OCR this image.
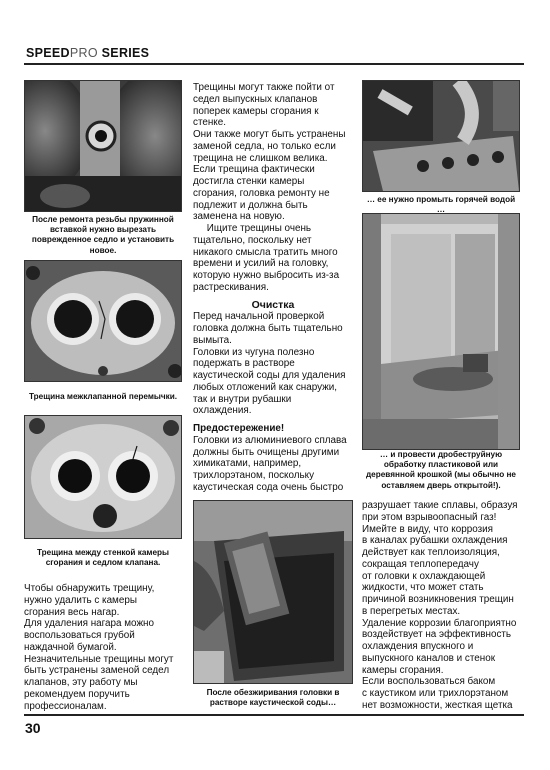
SPEEDPRO SERIES
После ремонта резьбы пружинной
вставкой нужно вырезать
поврежденное седло и установить
новое.
Трещина межклапанной перемычки.
Трещина между стенкой камеры
сгорания и седлом клапана.

Чтобы обнаружить трещину,

нужно удалить с камеры

сгорания весь нагар.

Для удаления нагара можно

воспользоваться грубой

наждачной бумагой.

Незначительные трещины могут

быть устранены заменой седел

клапанов, эту работу мы

рекомендуем поручить

профессионалам.

Трещины могут также пойти от

седел выпускных клапанов

поперек камеры сгорания к

стенке.

Они также могут быть устранены

заменой седла, но только если

трещина не слишком велика.

Если трещина фактически

достигла стенки камеры

сгорания, головка ремонту не

подлежит и должна быть

заменена на новую.

Ищите трещины очень

тщательно, поскольку нет

никакого смысла тратить много

времени и усилий на головку,

которую нужно выбросить из-за

растрескивания.

Очистка

Перед начальной проверкой

головка должна быть тщательно

вымыта.

Головки из чугуна полезно

подержать в растворе

каустической соды для удаления

любых отложений как снаружи,

так и внутри рубашки

охлаждения.

Предостережение!

Головки из алюминиевого сплава

должны быть очищены другими

химикатами, например,

трихлорэтаном, поскольку

каустическая сода очень быстро

После обезжиривания головки в
растворе каустической соды…
… ее нужно промыть горячей водой …
… и провести дробеструйную
обработку пластиковой или
деревянной крошкой (мы обычно не
оставляем дверь открытой!).

разрушает такие сплавы, образуя

при этом взрывоопасный газ!

Имейте в виду, что коррозия

в каналах рубашки охлаждения

действует как теплоизоляция,

сокращая теплопередачу

от головки к охлаждающей

жидкости, что может стать

причиной возникновения трещин

в перегретых местах.

Удаление коррозии благоприятно

воздействует на эффективность

охлаждения впускного и

выпускного каналов и стенок

камеры сгорания.

Если воспользоваться баком

с каустиком или трихлорэтаном

нет возможности, жесткая щетка

30
